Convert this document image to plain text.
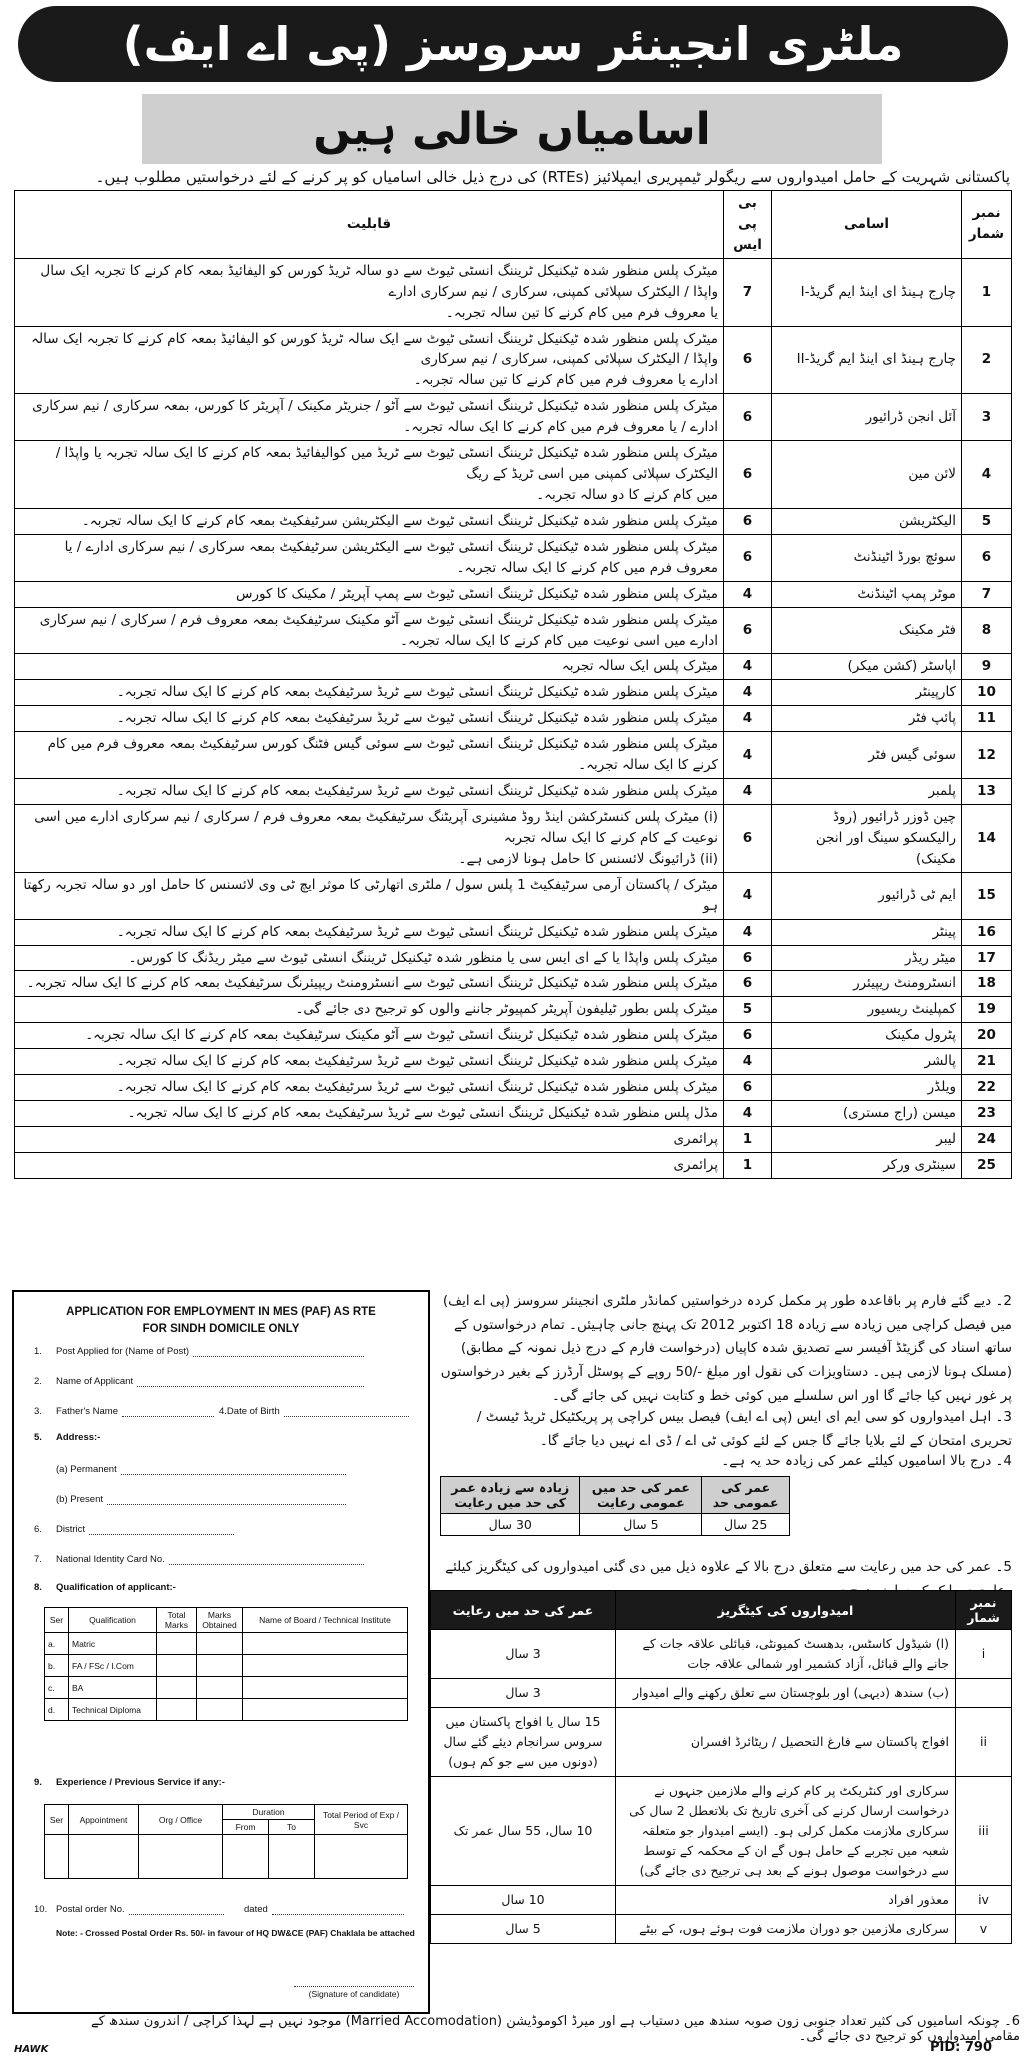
ملٹری انجینئر سروسز (پی اے ایف)
اسامیاں خالی ہیں
پاکستانی شہریت کے حامل امیدواروں سے ریگولر ٹیمپریری ایمپلائیز (RTEs) کی درج ذیل خالی اسامیاں کو پر کرنے کے لئے درخواستیں مطلوب ہیں۔
نمبر شمار	اسامی	بی پی ایس	قابلیت
1	چارج ہینڈ ای اینڈ ایم گریڈ-I	7	میٹرک پلس منظور شدہ ٹیکنیکل ٹریننگ انسٹی ٹیوٹ سے دو سالہ ٹریڈ کورس کو الیفائیڈ بمعہ کام کرنے کا تجربہ ایک سال واپڈا / الیکٹرک سپلائی کمپنی، سرکاری / نیم سرکاری ادارے
یا معروف فرم میں کام کرنے کا تین سالہ تجربہ۔

2	چارج ہینڈ ای اینڈ ایم گریڈ-II	6	میٹرک پلس منظور شدہ ٹیکنیکل ٹریننگ انسٹی ٹیوٹ سے ایک سالہ ٹریڈ کورس کو الیفائیڈ بمعہ کام کرنے کا تجربہ ایک سالہ واپڈا / الیکٹرک سپلائی کمپنی، سرکاری / نیم سرکاری
ادارے یا معروف فرم میں کام کرنے کا تین سالہ تجربہ۔

3	آئل انجن ڈرائیور	6	میٹرک پلس منظور شدہ ٹیکنیکل ٹریننگ انسٹی ٹیوٹ سے آٹو / جنریٹر مکینک / آپریٹر کا کورس، بمعہ سرکاری / نیم سرکاری ادارے / یا معروف فرم میں کام کرنے کا ایک سالہ تجربہ۔

4	لائن مین	6	میٹرک پلس منظور شدہ ٹیکنیکل ٹریننگ انسٹی ٹیوٹ سے ٹریڈ میں کوالیفائیڈ بمعہ کام کرنے کا ایک سالہ تجربہ یا واپڈا / الیکٹرک سپلائی کمپنی میں اسی ٹریڈ کے ریگ
میں کام کرنے کا دو سالہ تجربہ۔

5	الیکٹریشن	6	میٹرک پلس منظور شدہ ٹیکنیکل ٹریننگ انسٹی ٹیوٹ سے الیکٹریشن سرٹیفکیٹ بمعہ کام کرنے کا ایک سالہ تجربہ۔

6	سوئچ بورڈ اٹینڈنٹ	6	میٹرک پلس منظور شدہ ٹیکنیکل ٹریننگ انسٹی ٹیوٹ سے الیکٹریشن سرٹیفکیٹ بمعہ سرکاری / نیم سرکاری ادارے / یا معروف فرم میں کام کرنے کا ایک سالہ تجربہ۔

7	موٹر پمپ اٹینڈنٹ	4	میٹرک پلس منظور شدہ ٹیکنیکل ٹریننگ انسٹی ٹیوٹ سے پمپ آپریٹر / مکینک کا کورس

8	فٹر مکینک	6	میٹرک پلس منظور شدہ ٹیکنیکل ٹریننگ انسٹی ٹیوٹ سے آٹو مکینک سرٹیفکیٹ بمعہ معروف فرم / سرکاری / نیم سرکاری ادارے میں اسی نوعیت میں کام کرنے کا ایک سالہ تجربہ۔

9	اپاسٹر (کشن میکر)	4	میٹرک پلس ایک سالہ تجربہ

10	کارپینٹر	4	میٹرک پلس منظور شدہ ٹیکنیکل ٹریننگ انسٹی ٹیوٹ سے ٹریڈ سرٹیفکیٹ بمعہ کام کرنے کا ایک سالہ تجربہ۔

11	پائپ فٹر	4	میٹرک پلس منظور شدہ ٹیکنیکل ٹریننگ انسٹی ٹیوٹ سے ٹریڈ سرٹیفکیٹ بمعہ کام کرنے کا ایک سالہ تجربہ۔

12	سوئی گیس فٹر	4	میٹرک پلس منظور شدہ ٹیکنیکل ٹریننگ انسٹی ٹیوٹ سے سوئی گیس فٹنگ کورس سرٹیفکیٹ بمعہ معروف فرم میں کام کرنے کا ایک سالہ تجربہ۔

13	پلمبر	4	میٹرک پلس منظور شدہ ٹیکنیکل ٹریننگ انسٹی ٹیوٹ سے ٹریڈ سرٹیفکیٹ بمعہ کام کرنے کا ایک سالہ تجربہ۔

14	چین ڈوزر ڈرائیور (روڈ رالیکسکو سینگ اور انجن مکینک)	6	(i) میٹرک پلس کنسٹرکشن اینڈ روڈ مشینری آپریٹنگ سرٹیفکیٹ بمعہ معروف فرم / سرکاری / نیم سرکاری ادارے میں اسی نوعیت کے کام کرنے کا ایک سالہ تجربہ
(ii) ڈرائیونگ لائسنس کا حامل ہونا لازمی ہے۔

15	ایم ٹی ڈرائیور	4	میٹرک / پاکستان آرمی سرٹیفکیٹ 1 پلس سول / ملٹری اتھارٹی کا موثر ایچ ٹی وی لائسنس کا حامل اور دو سالہ تجربہ رکھتا ہو

16	پینٹر	4	میٹرک پلس منظور شدہ ٹیکنیکل ٹریننگ انسٹی ٹیوٹ سے ٹریڈ سرٹیفکیٹ بمعہ کام کرنے کا ایک سالہ تجربہ۔

17	میٹر ریڈر	6	میٹرک پلس واپڈا یا کے ای ایس سی یا منظور شدہ ٹیکنیکل ٹریننگ انسٹی ٹیوٹ سے میٹر ریڈنگ کا کورس۔

18	انسٹرومنٹ ریپیئرر	6	میٹرک پلس منظور شدہ ٹیکنیکل ٹریننگ انسٹی ٹیوٹ سے انسٹرومنٹ ریپیئرنگ سرٹیفکیٹ بمعہ کام کرنے کا ایک سالہ تجربہ۔

19	کمپلینٹ ریسیور	5	میٹرک پلس بطور ٹیلیفون آپریٹر کمپیوٹر جاننے والوں کو ترجیح دی جائے گی۔

20	پٹرول مکینک	6	میٹرک پلس منظور شدہ ٹیکنیکل ٹریننگ انسٹی ٹیوٹ سے آٹو مکینک سرٹیفکیٹ بمعہ کام کرنے کا ایک سالہ تجربہ۔

21	پالشر	4	میٹرک پلس منظور شدہ ٹیکنیکل ٹریننگ انسٹی ٹیوٹ سے ٹریڈ سرٹیفکیٹ بمعہ کام کرنے کا ایک سالہ تجربہ۔

22	ویلڈر	6	میٹرک پلس منظور شدہ ٹیکنیکل ٹریننگ انسٹی ٹیوٹ سے ٹریڈ سرٹیفکیٹ بمعہ کام کرنے کا ایک سالہ تجربہ۔

23	میسن (راج مستری)	4	مڈل پلس منظور شدہ ٹیکنیکل ٹریننگ انسٹی ٹیوٹ سے ٹریڈ سرٹیفکیٹ بمعہ کام کرنے کا ایک سالہ تجربہ۔

24	لیبر	1	پرائمری

25	سینٹری ورکر	1	پرائمری
APPLICATION FOR EMPLOYMENT IN MES (PAF) AS RTE
FOR SINDH DOMICILE ONLY
1.	Post Applied for (Name of Post)
2.	Name of Applicant
3.	Father's Name	4.Date of Birth
5.	Address:-
(a) Permanent
(b) Present
6.	District
7.	National Identity Card No.
8.	Qualification of applicant:-
Ser	Qualification	Total Marks	Marks Obtained	Name of Board / Technical Institute
a.	Matric			
b.	FA / FSc / I.Com			
c.	BA			
d.	Technical Diploma			
9.	Experience / Previous Service if any:-
Ser	Appointment	Org / Office	Duration		Total Period of Exp / Svc
			From	To	

10. Postal order No.	dated
Note: - Crossed Postal Order Rs. 50/- in favour of HQ DW&CE (PAF) Chaklala be attached
(Signature of candidate)
2۔ دیے گئے فارم پر باقاعدہ طور پر مکمل کردہ درخواستیں کمانڈر ملٹری انجینئر سروسز (پی اے ایف) میں فیصل کراچی میں زیادہ سے زیادہ 18 اکتوبر 2012 تک پہنچ جانی چاہیئں۔ تمام درخواستوں کے ساتھ اسناد کی گزیٹڈ آفیسر سے تصدیق شدہ کاپیاں (درخواست فارم کے درج ذیل نمونہ کے مطابق) (مسلک ہونا لازمی ہیں۔ دستاویزات کی نقول اور مبلغ -/50 روپے کے پوسٹل آرڈرز کے بغیر درخواستوں پر غور نہیں کیا جائے گا اور اس سلسلے میں کوئی خط و کتابت نہیں کی جائے گی۔
3۔ اہل امیدواروں کو سی ایم ای ایس (پی اے ایف) فیصل بیس کراچی پر پریکٹیکل ٹریڈ ٹیسٹ / تحریری امتحان کے لئے بلایا جائے گا جس کے لئے کوئی ٹی اے / ڈی اے نہیں دیا جائے گا۔
4۔ درج بالا اسامیوں کیلئے عمر کی زیادہ حد یہ ہے۔
عمر کی عمومی حد	عمر کی حد میں عمومی رعایت	زیادہ سے زیادہ عمر کی حد میں رعایت
25 سال	5 سال	30 سال
5۔ عمر کی حد میں رعایت سے متعلق درج بالا کے علاوہ ذیل میں دی گئی امیدواروں کی کیٹگریز کیلئے
نمبر شمار	امیدواروں کی کیٹگریز	عمر کی حد میں رعایت
i	(ا) شیڈول کاسٹس، بدھسٹ کمیونٹی، قبائلی علاقہ جات کے جانے والے قبائل، آزاد کشمیر اور شمالی علاقہ جات	3 سال
	(ب) سندھ (دیہی) اور بلوچستان سے تعلق رکھنے والے امیدوار	3 سال
ii	افواج پاکستان سے فارغ التحصیل / ریٹائرڈ افسران	15 سال یا افواج پاکستان میں سروس سرانجام دیئے گئے سال (دونوں میں سے جو کم ہوں)
iii	سرکاری اور کنٹریکٹ پر کام کرنے والے ملازمین جنہوں نے درخواست ارسال کرنے کی آخری تاریخ تک بلاتعطل 2 سال کی سرکاری ملازمت مکمل کرلی ہو۔ (ایسے امیدوار جو متعلقہ شعبہ میں تجربے کے حامل ہوں گے ان کے محکمہ کے توسط سے درخواست موصول ہونے کے بعد ہی ترجیح دی جائے گی)	10 سال، 55 سال عمر تک
iv	معذور افراد	10 سال
v	سرکاری ملازمین جو دوران ملازمت فوت ہوئے ہوں، کے بیٹے	5 سال
6۔ چونکہ اسامیوں کی کثیر تعداد جنوبی زون صوبہ سندھ میں دستیاب ہے اور میرڈ اکوموڈیشن (Married Accomodation) موجود نہیں ہے لہذا کراچی / اندرون سندھ کے مقامی امیدواروں کو ترجیح دی جائے گی۔
HAWK	PID: 790
